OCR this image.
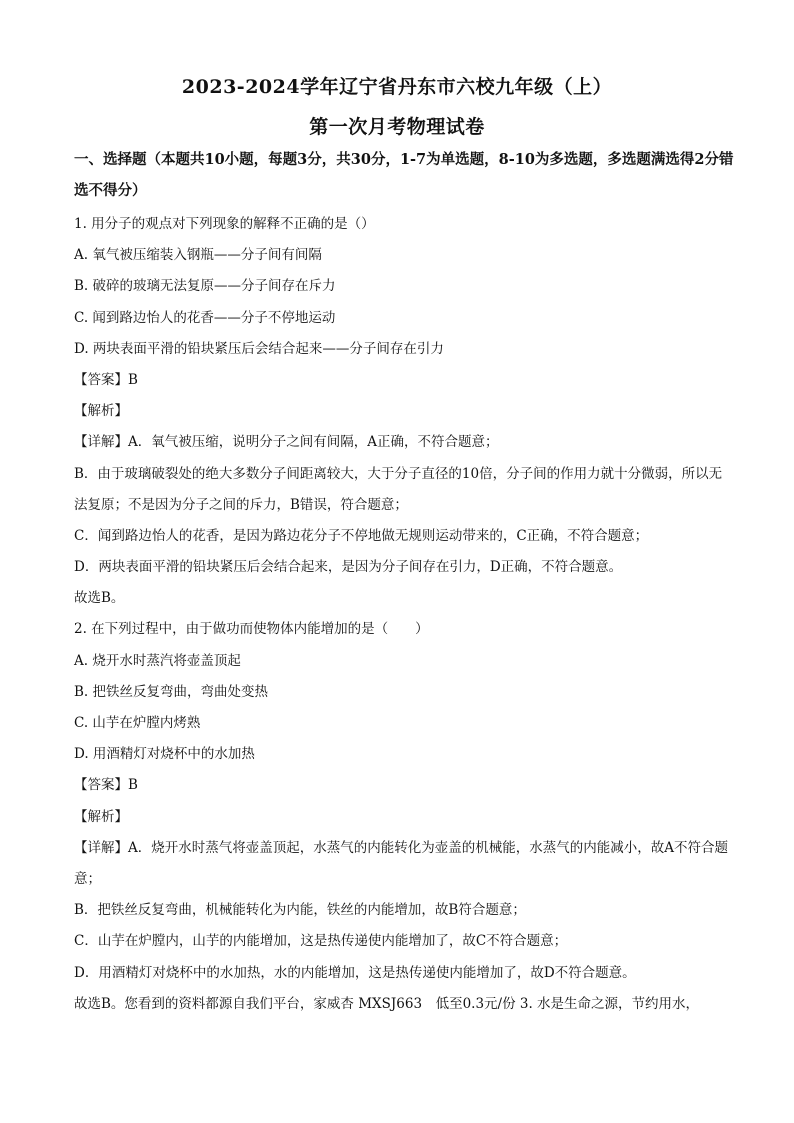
2023-2024学年辽宁省丹东市六校九年级（上）
第一次月考物理试卷
一、选择题（本题共10小题，每题3分，共30分，1-7为单选题，8-10为多选题，多选题满选得2分错选不得分）
1. 用分子的观点对下列现象的解释不正确的是（）
A. 氧气被压缩装入钢瓶——分子间有间隔
B. 破碎的玻璃无法复原——分子间存在斥力
C. 闻到路边怡人的花香——分子不停地运动
D. 两块表面平滑的铅块紧压后会结合起来——分子间存在引力
【答案】B
【解析】
【详解】A．氧气被压缩，说明分子之间有间隔，A正确，不符合题意；
B．由于玻璃破裂处的绝大多数分子间距离较大，大于分子直径的10倍，分子间的作用力就十分微弱，所以无法复原；不是因为分子之间的斥力，B错误，符合题意；
C．闻到路边怡人的花香，是因为路边花分子不停地做无规则运动带来的，C正确，不符合题意；
D．两块表面平滑的铅块紧压后会结合起来，是因为分子间存在引力，D正确，不符合题意。
故选B。
2. 在下列过程中，由于做功而使物体内能增加的是（　　）
A. 烧开水时蒸汽将壶盖顶起
B. 把铁丝反复弯曲，弯曲处变热
C. 山芋在炉膛内烤熟
D. 用酒精灯对烧杯中的水加热
【答案】B
【解析】
【详解】A．烧开水时蒸气将壶盖顶起，水蒸气的内能转化为壶盖的机械能，水蒸气的内能减小，故A不符合题意；
B．把铁丝反复弯曲，机械能转化为内能，铁丝的内能增加，故B符合题意；
C．山芋在炉膛内，山芋的内能增加，这是热传递使内能增加了，故C不符合题意；
D．用酒精灯对烧杯中的水加热，水的内能增加，这是热传递使内能增加了，故D不符合题意。
故选B。您看到的资料都源自我们平台，家威杏 MXSJ663　低至0.3元/份 3. 水是生命之源，节约用水，
